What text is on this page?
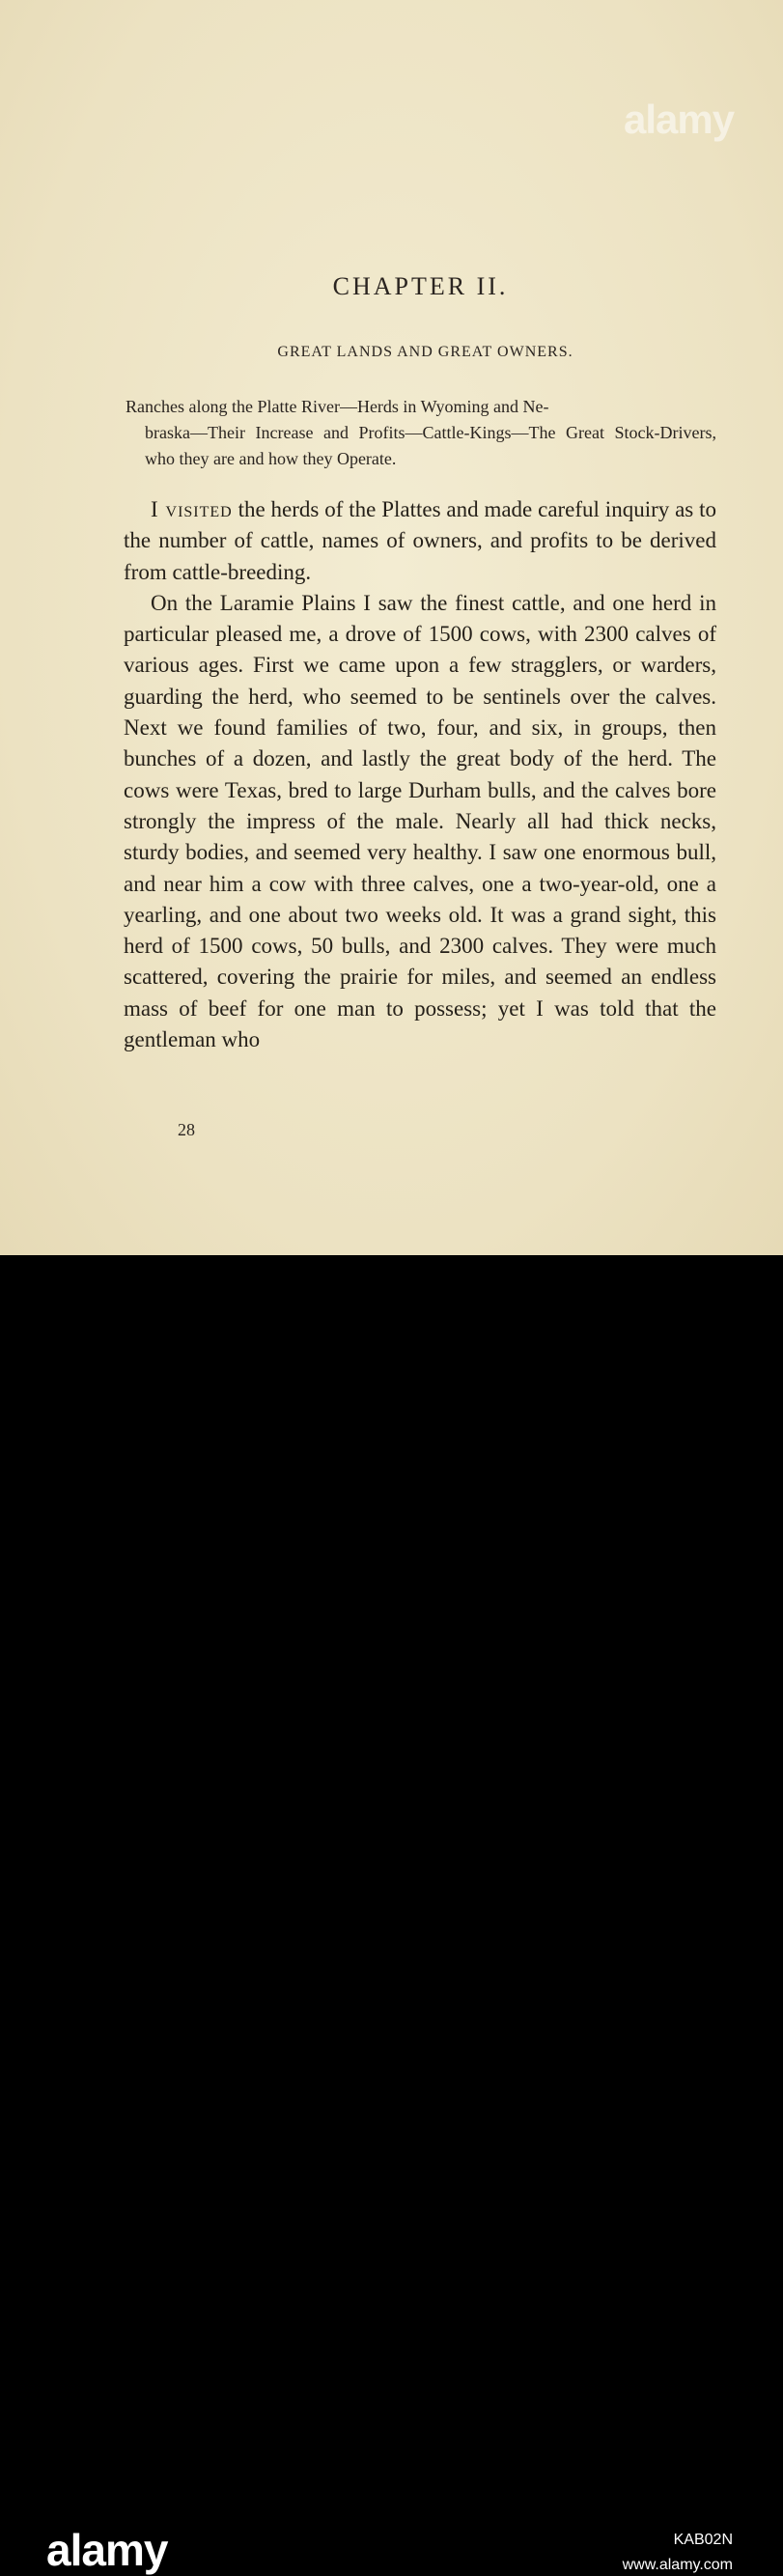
alamy
CHAPTER II.
GREAT LANDS AND GREAT OWNERS.
Ranches along the Platte River—Herds in Wyoming and Ne-
braska—Their Increase and Profits—Cattle-Kings—The Great Stock-Drivers, who they are and how they Operate.

I visited the herds of the Plattes and made careful inquiry as to the number of cattle, names of owners, and profits to be derived from cattle-breeding.

On the Laramie Plains I saw the finest cattle, and one herd in particular pleased me, a drove of 1500 cows, with 2300 calves of various ages. First we came upon a few stragglers, or warders, guarding the herd, who seemed to be sentinels over the calves. Next we found families of two, four, and six, in groups, then bunches of a dozen, and lastly the great body of the herd. The cows were Texas, bred to large Durham bulls, and the calves bore strongly the impress of the male. Nearly all had thick necks, sturdy bodies, and seemed very healthy. I saw one enormous bull, and near him a cow with three calves, one a two-year-old, one a yearling, and one about two weeks old. It was a grand sight, this herd of 1500 cows, 50 bulls, and 2300 calves. They were much scattered, covering the prairie for miles, and seemed an endless mass of beef for one man to possess; yet I was told that the gentleman who

28
alamy	KAB02N
www.alamy.com
